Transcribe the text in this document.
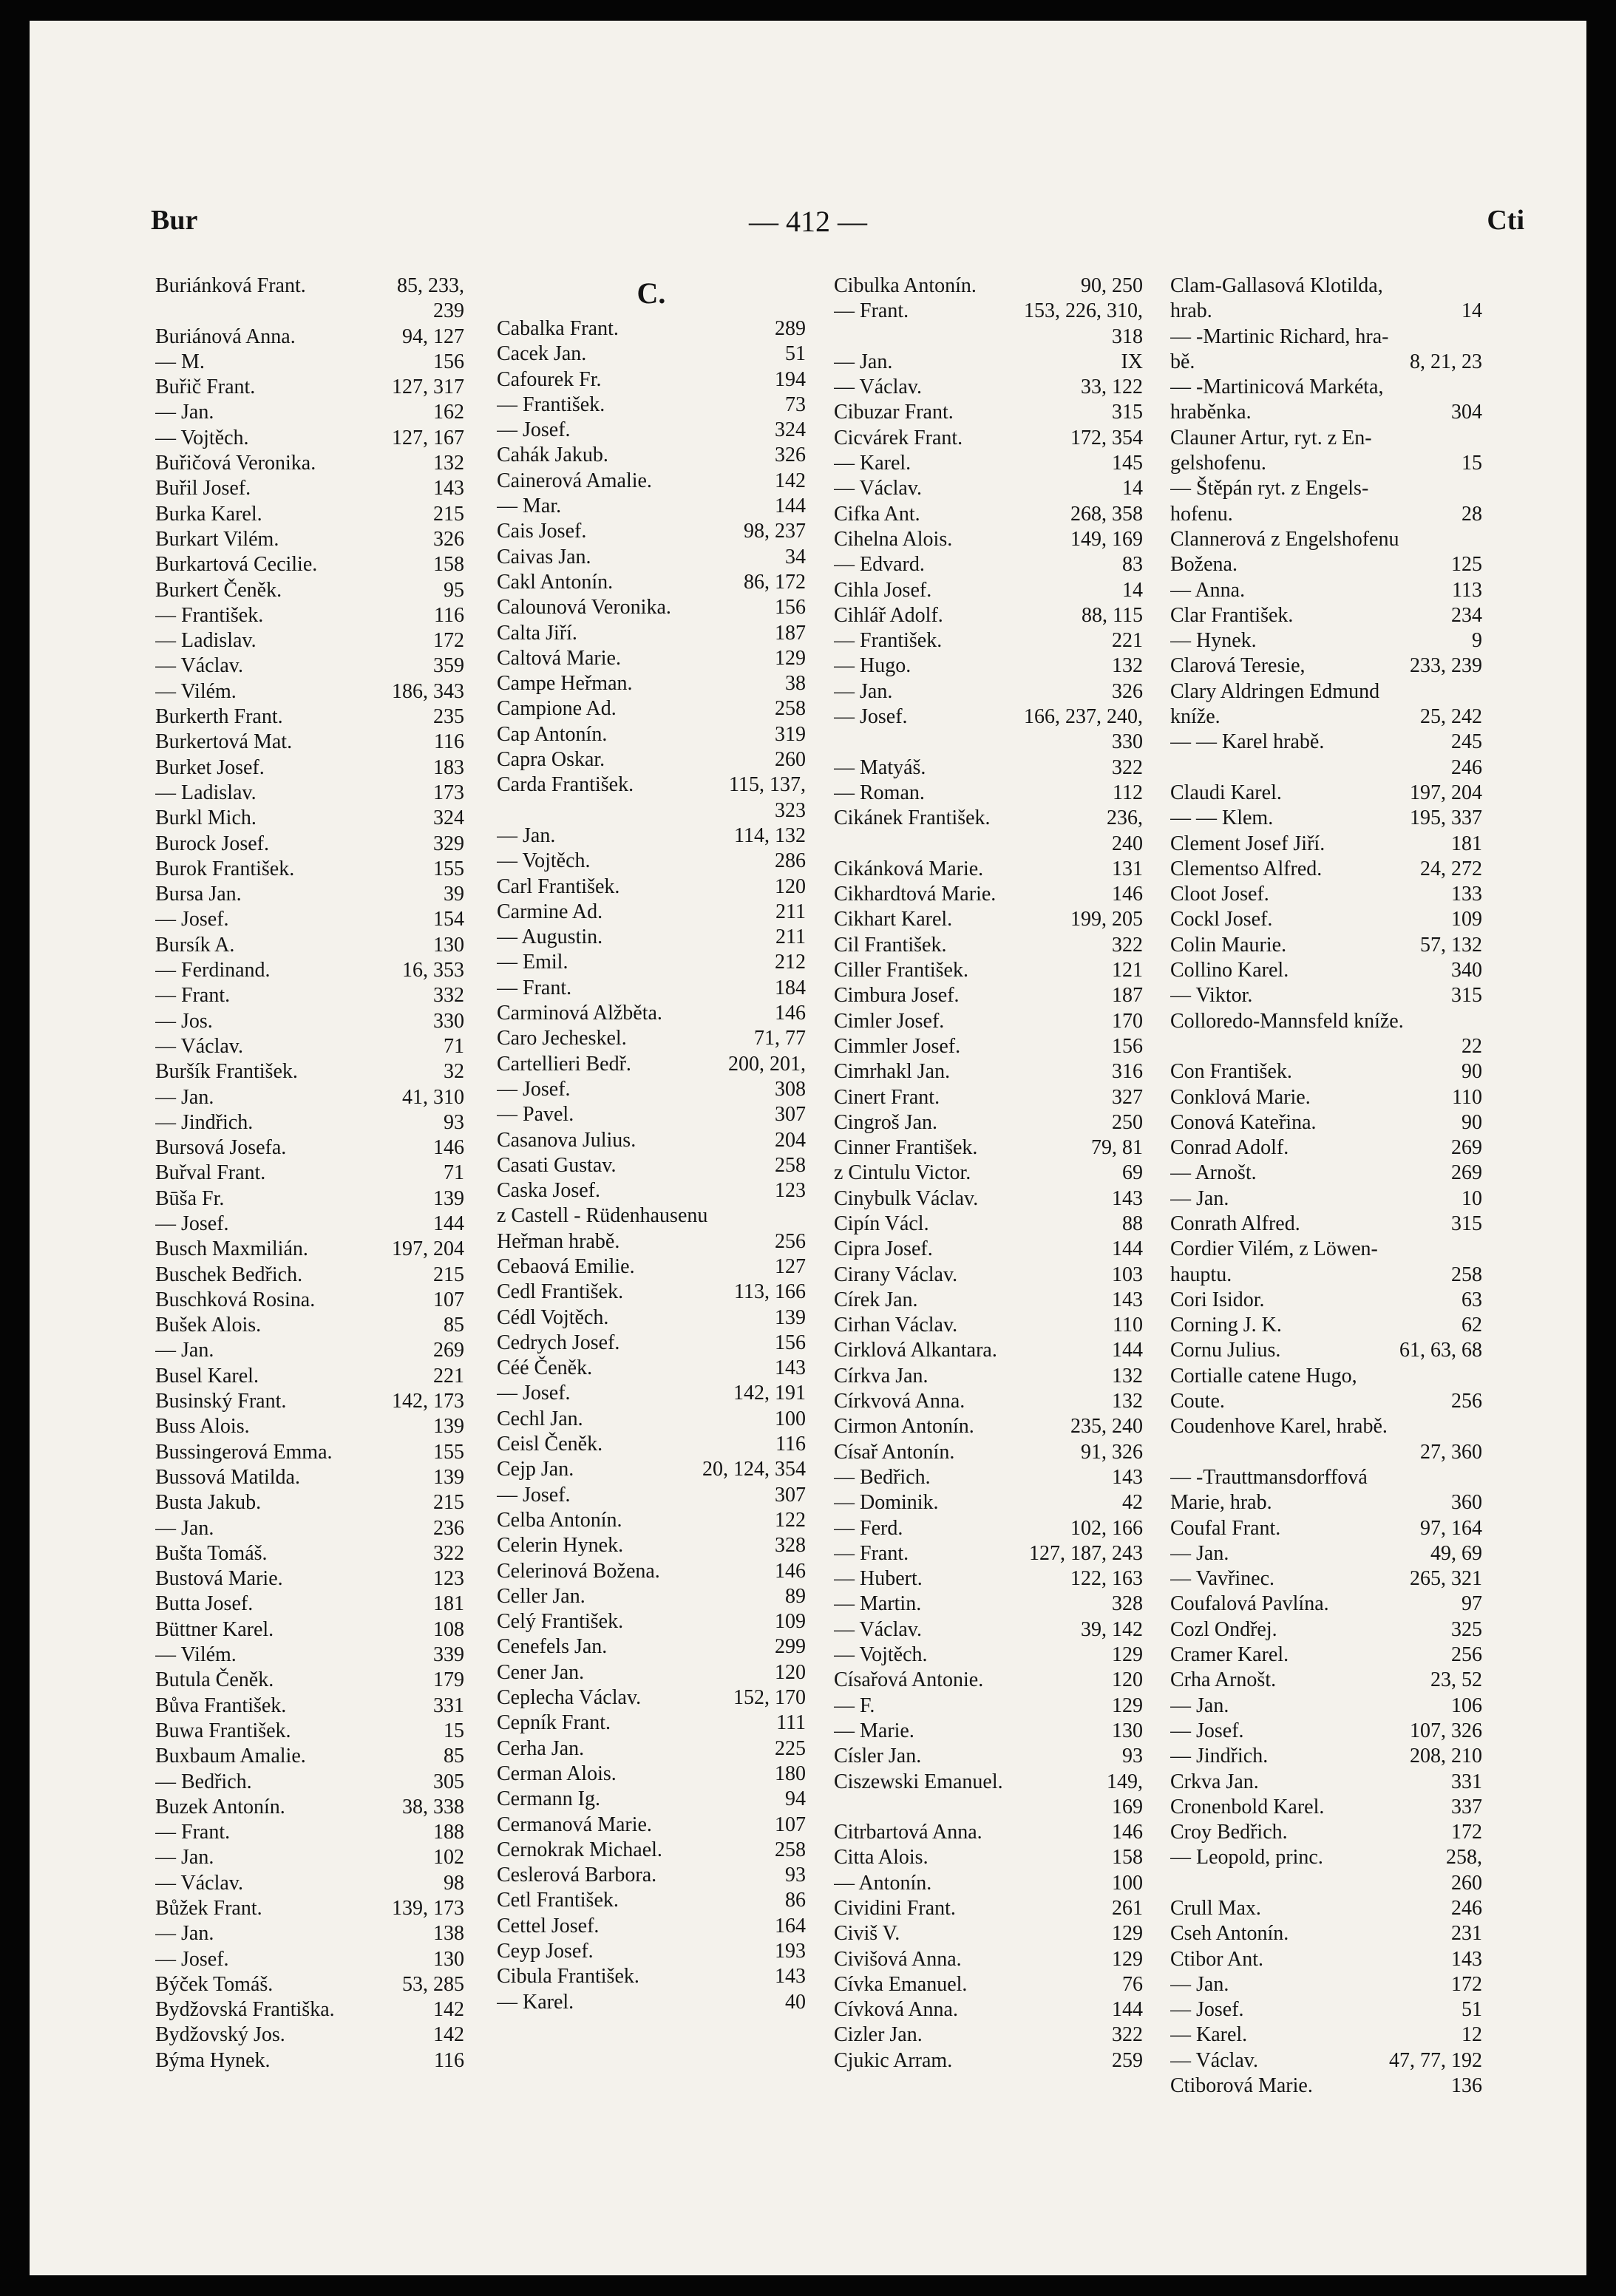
Bur	— 412 —	Cti
Buriánková Frant.	85, 233,
239
Buriánová Anna.	94, 127
— M.	156
Buřič Frant.	127, 317
— Jan.	162
— Vojtěch.	127, 167
Buřičová Veronika.	132
Buřil Josef.	143
Burka Karel.	215
Burkart Vilém.	326
Burkartová Cecilie.	158
Burkert Čeněk.	95
— František.	116
— Ladislav.	172
— Václav.	359
— Vilém.	186, 343
Burkerth Frant.	235
Burkertová Mat.	116
Burket Josef.	183
— Ladislav.	173
Burkl Mich.	324
Burock Josef.	329
Burok František.	155
Bursa Jan.	39
— Josef.	154
Bursík A.	130
— Ferdinand.	16, 353
— Frant.	332
— Jos.	330
— Václav.	71
Buršík František.	32
— Jan.	41, 310
— Jindřich.	93
Bursová Josefa.	146
Buřval Frant.	71
Būša Fr.	139
— Josef.	144
Busch Maxmilián.	197, 204
Buschek Bedřich.	215
Buschková Rosina.	107
Bušek Alois.	85
— Jan.	269
Busel Karel.	221
Businský Frant.	142, 173
Buss Alois.	139
Bussingerová Emma.	155
Bussová Matilda.	139
Busta Jakub.	215
— Jan.	236
Bušta Tomáš.	322
Bustová Marie.	123
Butta Josef.	181
Büttner Karel.	108
— Vilém.	339
Butula Čeněk.	179
Bůva František.	331
Buwa František.	15
Buxbaum Amalie.	85
— Bedřich.	305
Buzek Antonín.	38, 338
— Frant.	188
— Jan.	102
— Václav.	98
Bůžek Frant.	139, 173
— Jan.	138
— Josef.	130
Býček Tomáš.	53, 285
Bydžovská Františka.	142
Bydžovský Jos.	142
Býma Hynek.	116
C.
Cabalka Frant.	289
Cacek Jan.	51
Cafourek Fr.	194
— František.	73
— Josef.	324
Cahák Jakub.	326
Cainerová Amalie.	142
— Mar.	144
Cais Josef.	98, 237
Caivas Jan.	34
Cakl Antonín.	86, 172
Calounová Veronika.	156
Calta Jiří.	187
Caltová Marie.	129
Campe Heřman.	38
Campione Ad.	258
Cap Antonín.	319
Capra Oskar.	260
Carda František.	115, 137,
323
— Jan.	114, 132
— Vojtěch.	286
Carl František.	120
Carmine Ad.	211
— Augustin.	211
— Emil.	212
— Frant.	184
Carminová Alžběta.	146
Caro Jecheskel.	71, 77
Cartellieri Bedř.	200, 201,
— Josef.	308
— Pavel.	307
Casanova Julius.	204
Casati Gustav.	258
Caska Josef.	123
z Castell - Rüdenhausenu
Heřman hrabě.	256
Cebaová Emilie.	127
Cedl František.	113, 166
Cédl Vojtěch.	139
Cedrych Josef.	156
Céé Čeněk.	143
— Josef.	142, 191
Cechl Jan.	100
Ceisl Čeněk.	116
Cejp Jan.	20, 124, 354
— Josef.	307
Celba Antonín.	122
Celerin Hynek.	328
Celerinová Božena.	146
Celler Jan.	89
Celý František.	109
Cenefels Jan.	299
Cener Jan.	120
Ceplecha Václav.	152, 170
Cepník Frant.	111
Cerha Jan.	225
Cerman Alois.	180
Cermann Ig.	94
Cermanová Marie.	107
Cernokrak Michael.	258
Ceslerová Barbora.	93
Cetl František.	86
Cettel Josef.	164
Ceyp Josef.	193
Cibula František.	143
— Karel.	40
Cibulka Antonín.	90, 250
— Frant.	153, 226, 310,
318
— Jan.	IX
— Václav.	33, 122
Cibuzar Frant.	315
Cicvárek Frant.	172, 354
— Karel.	145
— Václav.	14
Cifka Ant.	268, 358
Cihelna Alois.	149, 169
— Edvard.	83
Cihla Josef.	14
Cihlář Adolf.	88, 115
— František.	221
— Hugo.	132
— Jan.	326
— Josef.	166, 237, 240,
330
— Matyáš.	322
— Roman.	112
Cikánek František.	236,
240
Cikánková Marie.	131
Cikhardtová Marie.	146
Cikhart Karel.	199, 205
Cil František.	322
Ciller František.	121
Cimbura Josef.	187
Cimler Josef.	170
Cimmler Josef.	156
Cimrhakl Jan.	316
Cinert Frant.	327
Cingroš Jan.	250
Cinner František.	79, 81
z Cintulu Victor.	69
Cinybulk Václav.	143
Cipín Václ.	88
Cipra Josef.	144
Cirany Václav.	103
Círek Jan.	143
Cirhan Václav.	110
Cirklová Alkantara.	144
Církva Jan.	132
Církvová Anna.	132
Cirmon Antonín.	235, 240
Císař Antonín.	91, 326
— Bedřich.	143
— Dominik.	42
— Ferd.	102, 166
— Frant.	127, 187, 243
— Hubert.	122, 163
— Martin.	328
— Václav.	39, 142
— Vojtěch.	129
Císařová Antonie.	120
— F.	129
— Marie.	130
Císler Jan.	93
Ciszewski Emanuel.	149,
169
Citrbartová Anna.	146
Citta Alois.	158
— Antonín.	100
Cividini Frant.	261
Civiš V.	129
Civišová Anna.	129
Cívka Emanuel.	76
Cívková Anna.	144
Cizler Jan.	322
Cjukic Arram.	259
Clam-Gallasová Klotilda,
hrab.	14
— -Martinic Richard, hra-
bě.	8, 21, 23
— -Martinicová Markéta,
hraběnka.	304
Clauner Artur, ryt. z En-
gelshofenu.	15
— Štěpán ryt. z Engels-
hofenu.	28
Clannerová z Engelshofenu
Božena.	125
— Anna.	113
Clar František.	234
— Hynek.	9
Clarová Teresie,	233, 239
Clary Aldringen Edmund
kníže.	25, 242
— — Karel hrabě.	245
246
Claudi Karel.	197, 204
— — Klem.	195, 337
Clement Josef Jiří.	181
Clementso Alfred.	24, 272
Cloot Josef.	133
Cockl Josef.	109
Colin Maurie.	57, 132
Collino Karel.	340
— Viktor.	315
Colloredo-Mannsfeld kníže.
22
Con František.	90
Conklová Marie.	110
Conová Kateřina.	90
Conrad Adolf.	269
— Arnošt.	269
— Jan.	10
Conrath Alfred.	315
Cordier Vilém, z Löwen-
hauptu.	258
Cori Isidor.	63
Corning J. K.	62
Cornu Julius.	61, 63, 68
Cortialle catene Hugo,
Coute.	256
Coudenhove Karel, hrabě.
27, 360
— -Trauttmansdorffová
Marie, hrab.	360
Coufal Frant.	97, 164
— Jan.	49, 69
— Vavřinec.	265, 321
Coufalová Pavlína.	97
Cozl Ondřej.	325
Cramer Karel.	256
Crha Arnošt.	23, 52
— Jan.	106
— Josef.	107, 326
— Jindřich.	208, 210
Crkva Jan.	331
Cronenbold Karel.	337
Croy Bedřich.	172
— Leopold, princ.	258,
260
Crull Max.	246
Cseh Antonín.	231
Ctibor Ant.	143
— Jan.	172
— Josef.	51
— Karel.	12
— Václav.	47, 77, 192
Ctiborová Marie.	136
